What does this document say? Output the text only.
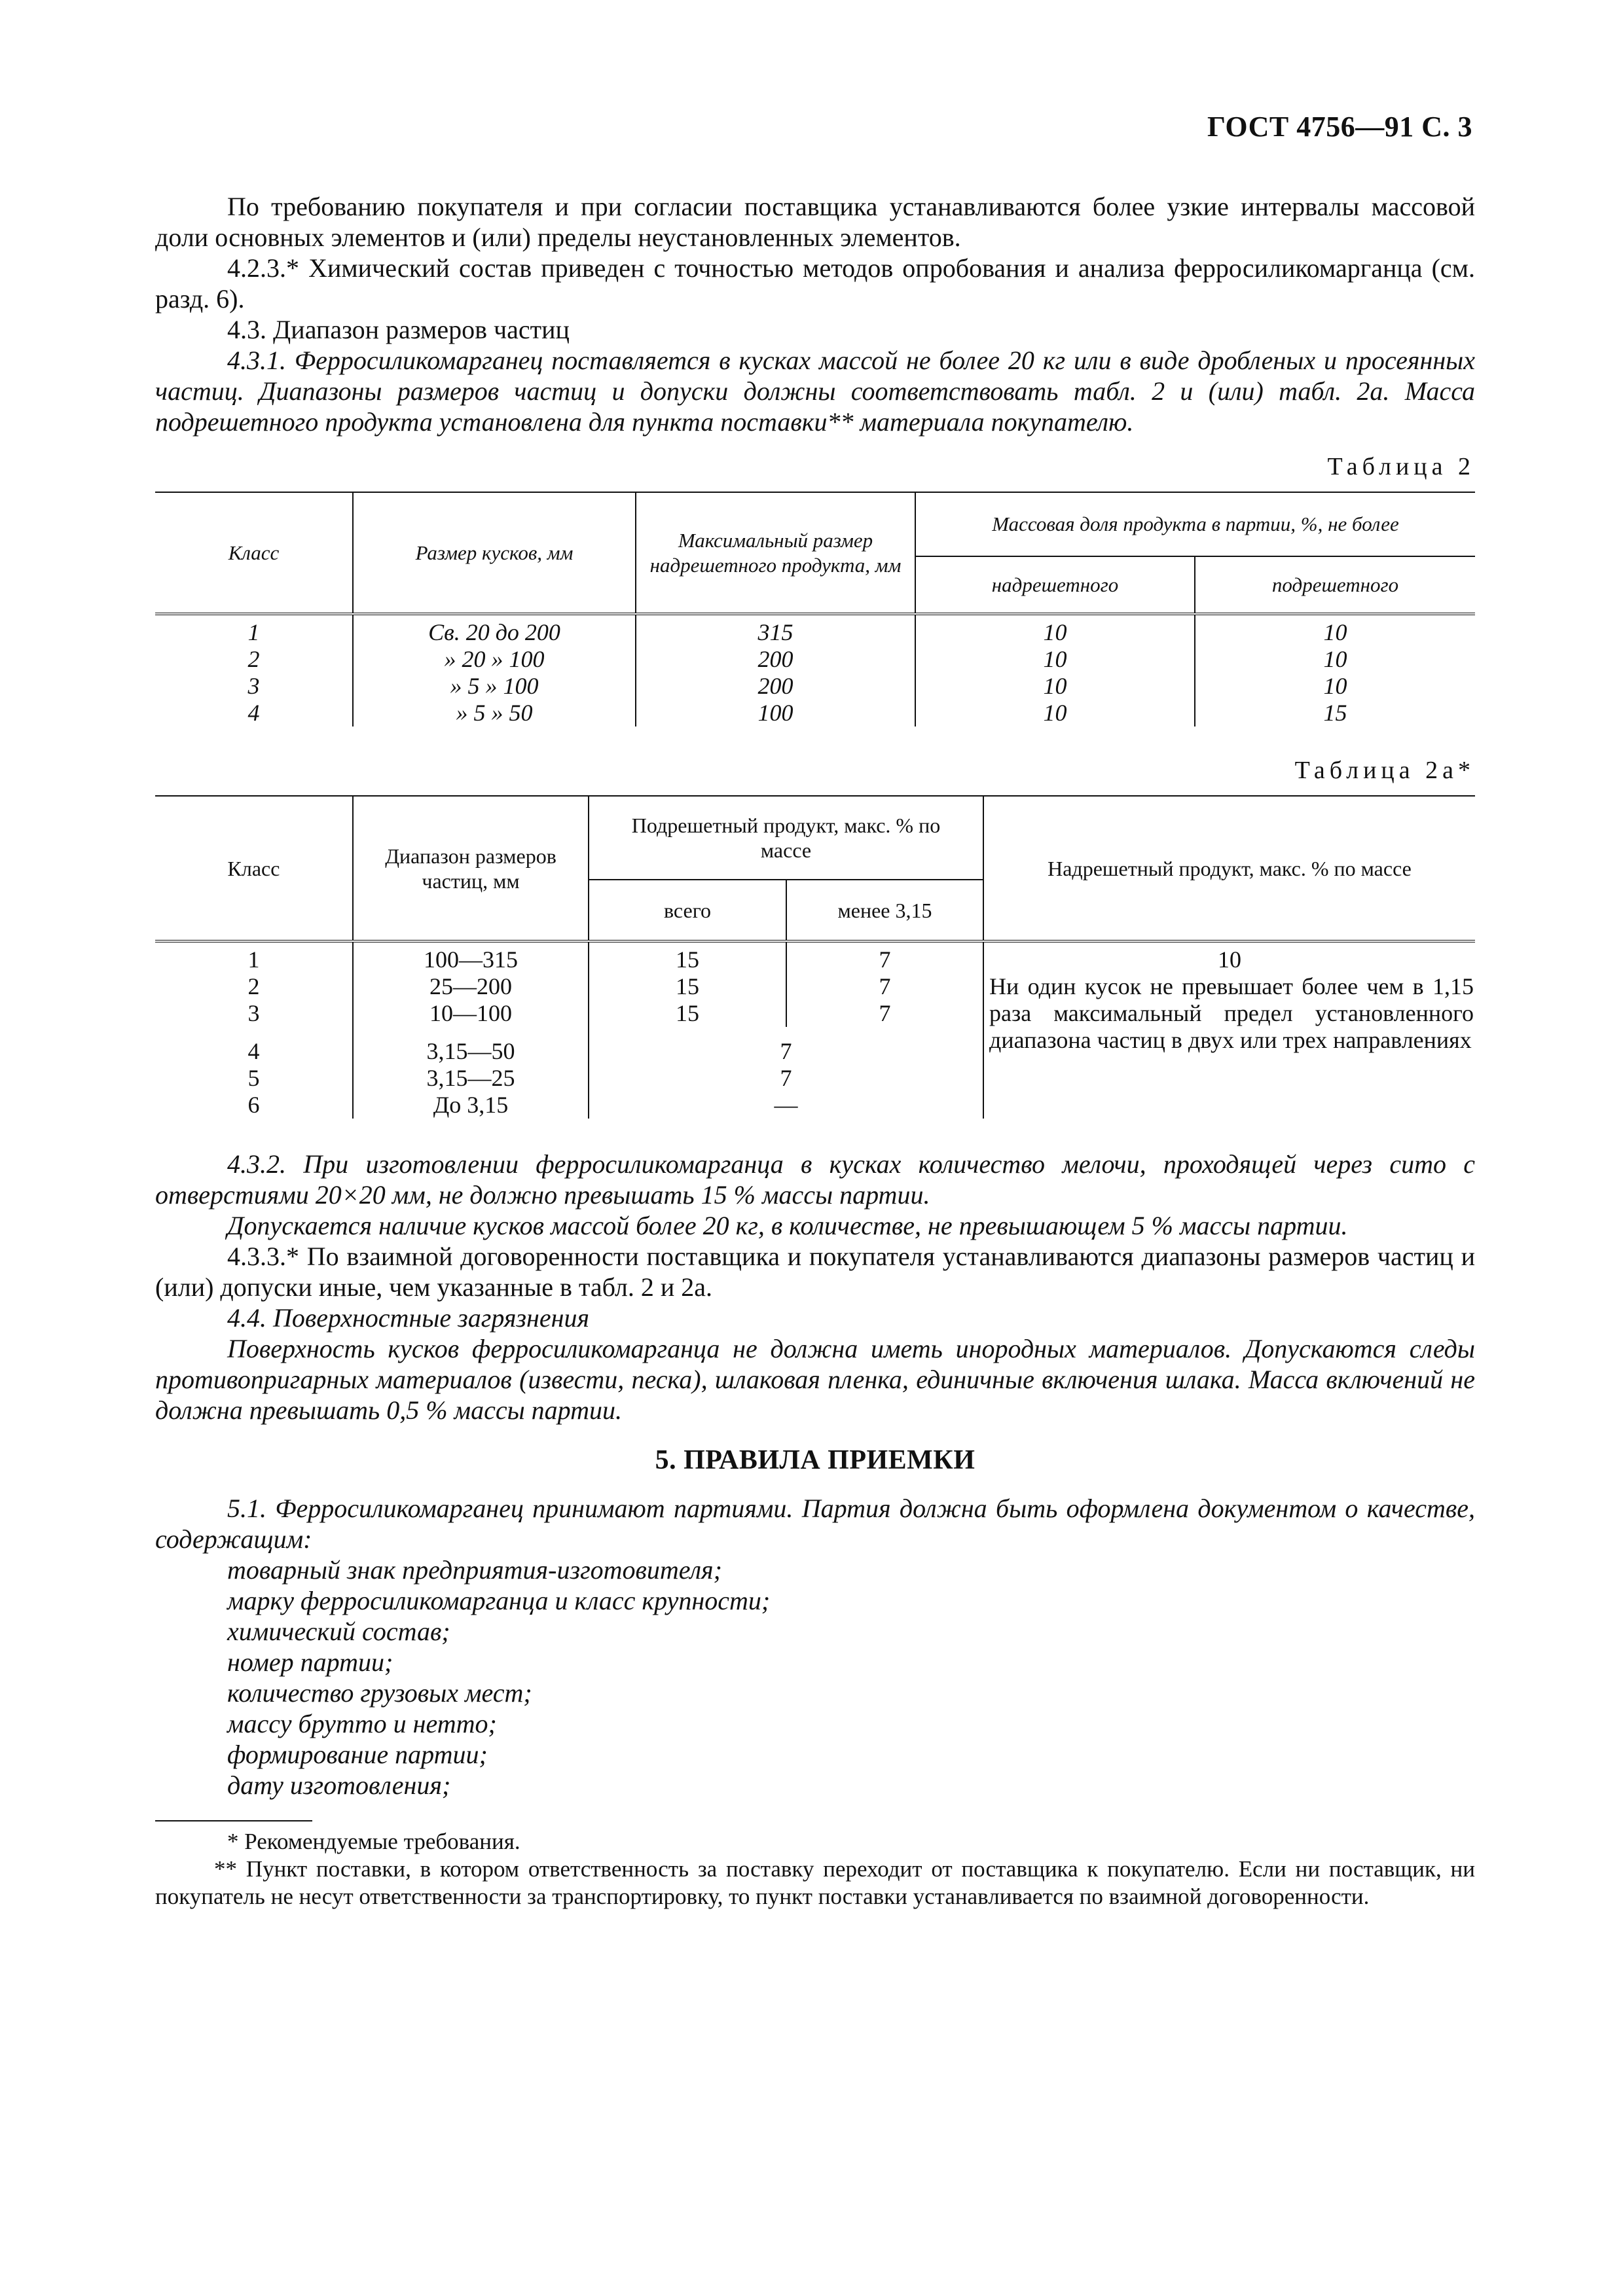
ГОСТ 4756—91 С. 3

По требованию покупателя и при согласии поставщика устанавливаются более узкие интервалы массовой доли основных элементов и (или) пределы неустановленных элементов.

4.2.3.* Химический состав приведен с точностью методов опробования и анализа ферросиликомарганца (см. разд. 6).

4.3. Диапазон размеров частиц

4.3.1. Ферросиликомарганец поставляется в кусках массой не более 20 кг или в виде дробленых и просеянных частиц. Диапазоны размеров частиц и допуски должны соответствовать табл. 2 и (или) табл. 2а. Масса подрешетного продукта установлена для пункта поставки** материала покупателю.

Таблица 2
Класс	Размер кусков, мм	Максимальный размер надрешетного продукта, мм	Массовая доля продукта в партии, %, не более	
			надрешетного	подрешетного
1	Св. 20 до 200	315	10	10
2	» 20 » 100	200	10	10
3	» 5 » 100	200	10	10
4	» 5 » 50	100	10	15
Таблица 2а*
Класс	Диапазон размеров частиц, мм	Подрешетный продукт, макс. % по массе		Надрешетный продукт, макс. % по массе
		всего	менее 3,15	
1	100—315	15	7	10
Ни один кусок не превышает более чем в 1,15 раза максимальный предел установленного диапазона частиц в двух или трех направлениях

2	25—200	15	7	
3	10—100	15	7	
4	3,15—50	7		
5	3,15—25	7		
6	До 3,15	—		

4.3.2. При изготовлении ферросиликомарганца в кусках количество мелочи, проходящей через сито с отверстиями 20×20 мм, не должно превышать 15 % массы партии.

Допускается наличие кусков массой более 20 кг, в количестве, не превышающем 5 % массы партии.

4.3.3.* По взаимной договоренности поставщика и покупателя устанавливаются диапазоны размеров частиц и (или) допуски иные, чем указанные в табл. 2 и 2а.

4.4. Поверхностные загрязнения

Поверхность кусков ферросиликомарганца не должна иметь инородных материалов. Допускаются следы противопригарных материалов (извести, песка), шлаковая пленка, единичные включения шлака. Масса включений не должна превышать 0,5 % массы партии.

5. ПРАВИЛА ПРИЕМКИ

5.1. Ферросиликомарганец принимают партиями. Партия должна быть оформлена документом о качестве, содержащим:

товарный знак предприятия-изготовителя;
марку ферросиликомарганца и класс крупности;
химический состав;
номер партии;
количество грузовых мест;
массу брутто и нетто;
формирование партии;
дату изготовления;

* Рекомендуемые требования.

** Пункт поставки, в котором ответственность за поставку переходит от поставщика к покупателю. Если ни поставщик, ни покупатель не несут ответственности за транспортировку, то пункт поставки устанавливается по взаимной договоренности.
